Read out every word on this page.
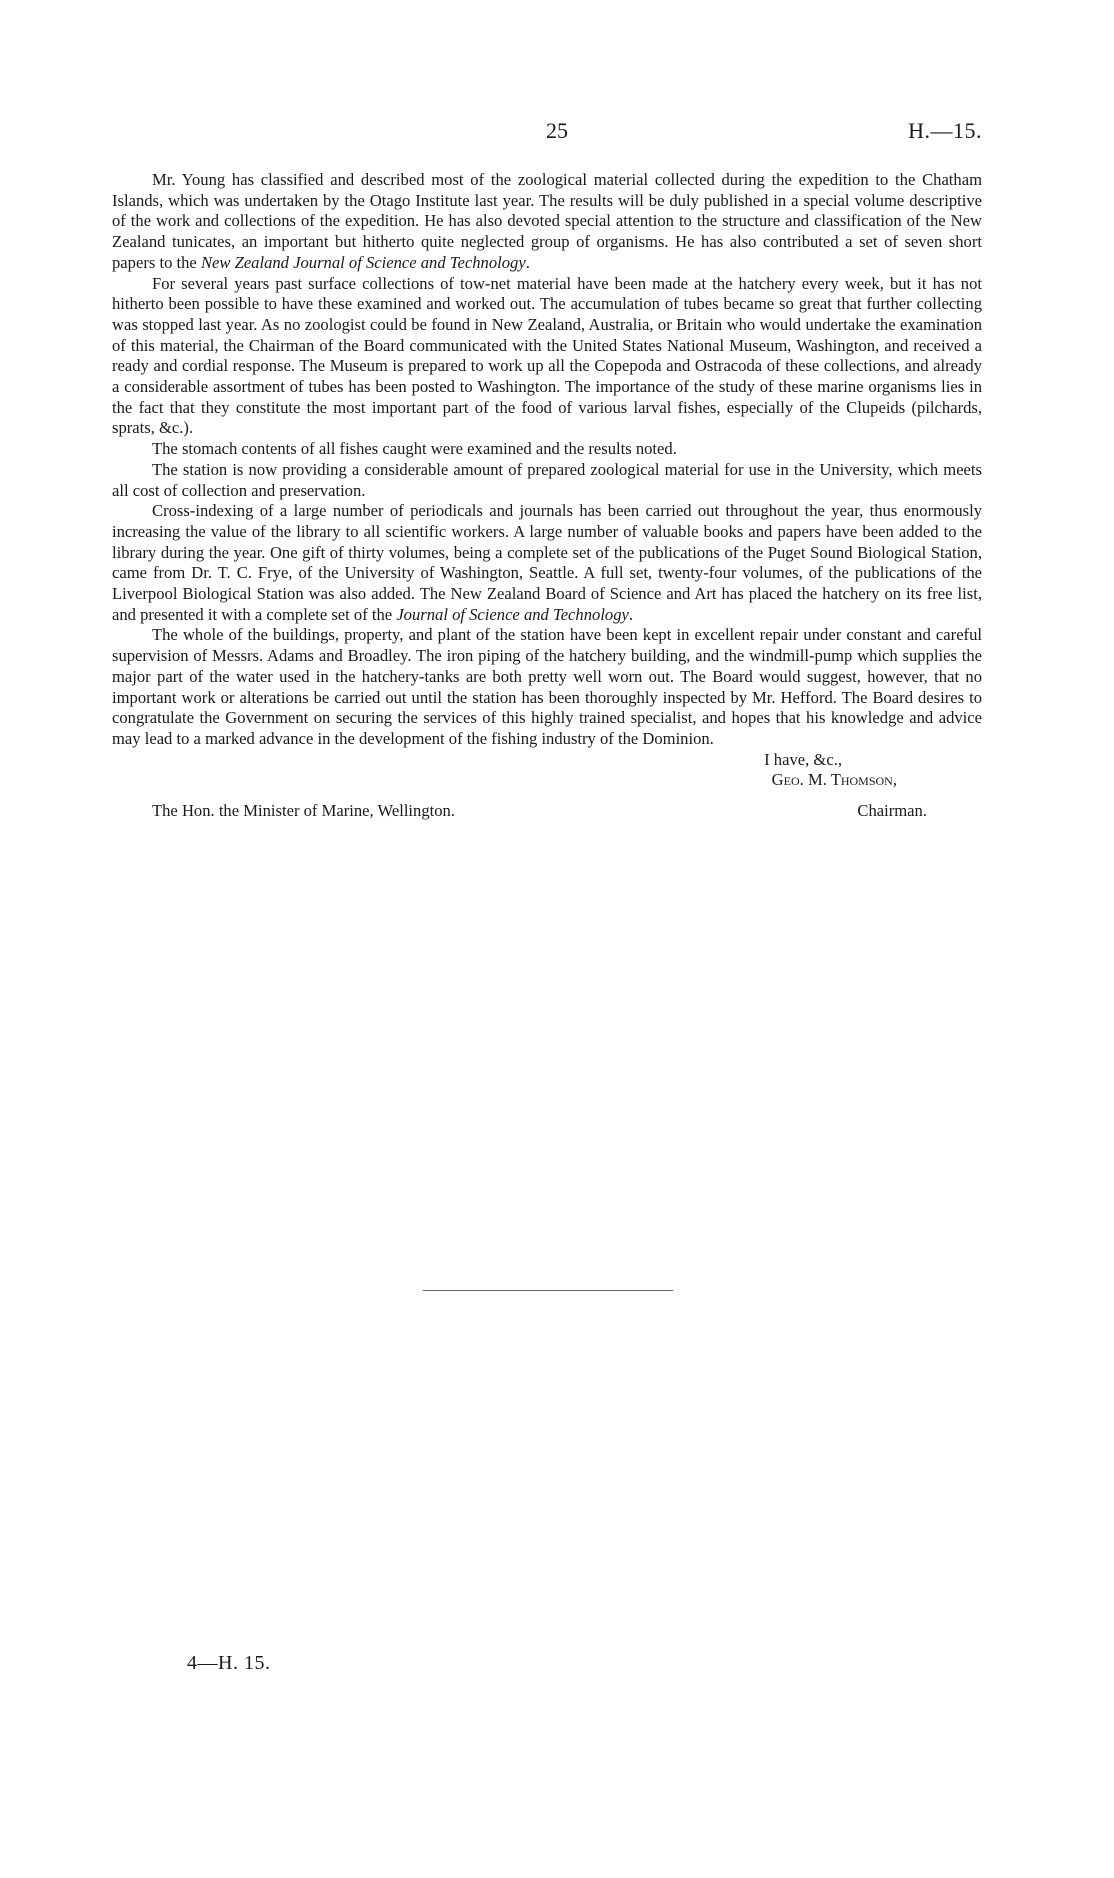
25	H.—15.

Mr. Young has classified and described most of the zoological material collected during the expedition to the Chatham Islands, which was undertaken by the Otago Institute last year. The results will be duly published in a special volume descriptive of the work and collections of the expedition. He has also devoted special attention to the structure and classification of the New Zealand tunicates, an important but hitherto quite neglected group of organisms. He has also contributed a set of seven short papers to the New Zealand Journal of Science and Technology.

For several years past surface collections of tow-net material have been made at the hatchery every week, but it has not hitherto been possible to have these examined and worked out. The accumulation of tubes became so great that further collecting was stopped last year. As no zoologist could be found in New Zealand, Australia, or Britain who would undertake the examination of this material, the Chairman of the Board communicated with the United States National Museum, Washington, and received a ready and cordial response. The Museum is prepared to work up all the Copepoda and Ostracoda of these collections, and already a considerable assortment of tubes has been posted to Washington. The importance of the study of these marine organisms lies in the fact that they constitute the most important part of the food of various larval fishes, especially of the Clupeids (pilchards, sprats, &c.).

The stomach contents of all fishes caught were examined and the results noted.

The station is now providing a considerable amount of prepared zoological material for use in the University, which meets all cost of collection and preservation.

Cross-indexing of a large number of periodicals and journals has been carried out throughout the year, thus enormously increasing the value of the library to all scientific workers. A large number of valuable books and papers have been added to the library during the year. One gift of thirty volumes, being a complete set of the publications of the Puget Sound Biological Station, came from Dr. T. C. Frye, of the University of Washington, Seattle. A full set, twenty-four volumes, of the publications of the Liverpool Biological Station was also added. The New Zealand Board of Science and Art has placed the hatchery on its free list, and presented it with a complete set of the Journal of Science and Technology.

The whole of the buildings, property, and plant of the station have been kept in excellent repair under constant and careful supervision of Messrs. Adams and Broadley. The iron piping of the hatchery building, and the windmill-pump which supplies the major part of the water used in the hatchery-tanks are both pretty well worn out. The Board would suggest, however, that no important work or alterations be carried out until the station has been thoroughly inspected by Mr. Hefford. The Board desires to congratulate the Government on securing the services of this highly trained specialist, and hopes that his knowledge and advice may lead to a marked advance in the development of the fishing industry of the Dominion.

I have, &c.,
Geo. M. Thomson,
The Hon. the Minister of Marine, Wellington.	Chairman.
4—H. 15.
